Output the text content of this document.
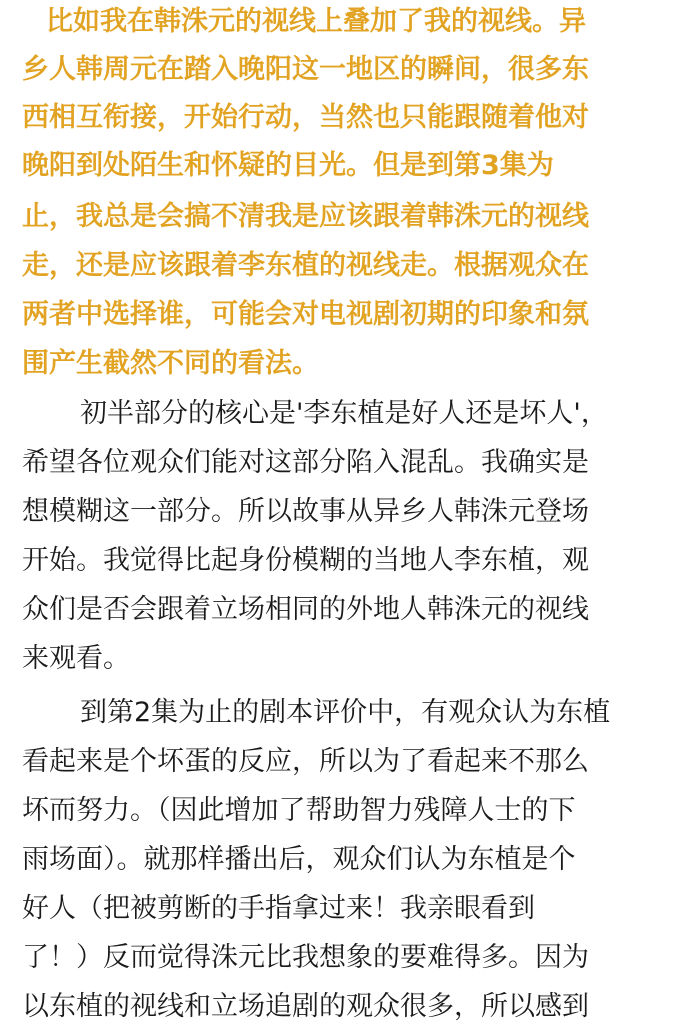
比如我在韩洙元的视线上叠加了我的视线。异

乡人韩周元在踏入晚阳这一地区的瞬间，很多东

西相互衔接，开始行动，当然也只能跟随着他对

晚阳到处陌生和怀疑的目光。但是到第3集为

止，我总是会搞不清我是应该跟着韩洙元的视线

走，还是应该跟着李东植的视线走。根据观众在

两者中选择谁，可能会对电视剧初期的印象和氛

围产生截然不同的看法。

初半部分的核心是'李东植是好人还是坏人'，

希望各位观众们能对这部分陷入混乱。我确实是

想模糊这一部分。所以故事从异乡人韩洙元登场

开始。我觉得比起身份模糊的当地人李东植，观

众们是否会跟着立场相同的外地人韩洙元的视线

来观看。

到第2集为止的剧本评价中，有观众认为东植

看起来是个坏蛋的反应，所以为了看起来不那么

坏而努力。（因此增加了帮助智力残障人士的下

雨场面）。就那样播出后，观众们认为东植是个

好人（把被剪断的手指拿过来！我亲眼看到

了！）反而觉得洙元比我想象的要难得多。因为

以东植的视线和立场追剧的观众很多，所以感到
